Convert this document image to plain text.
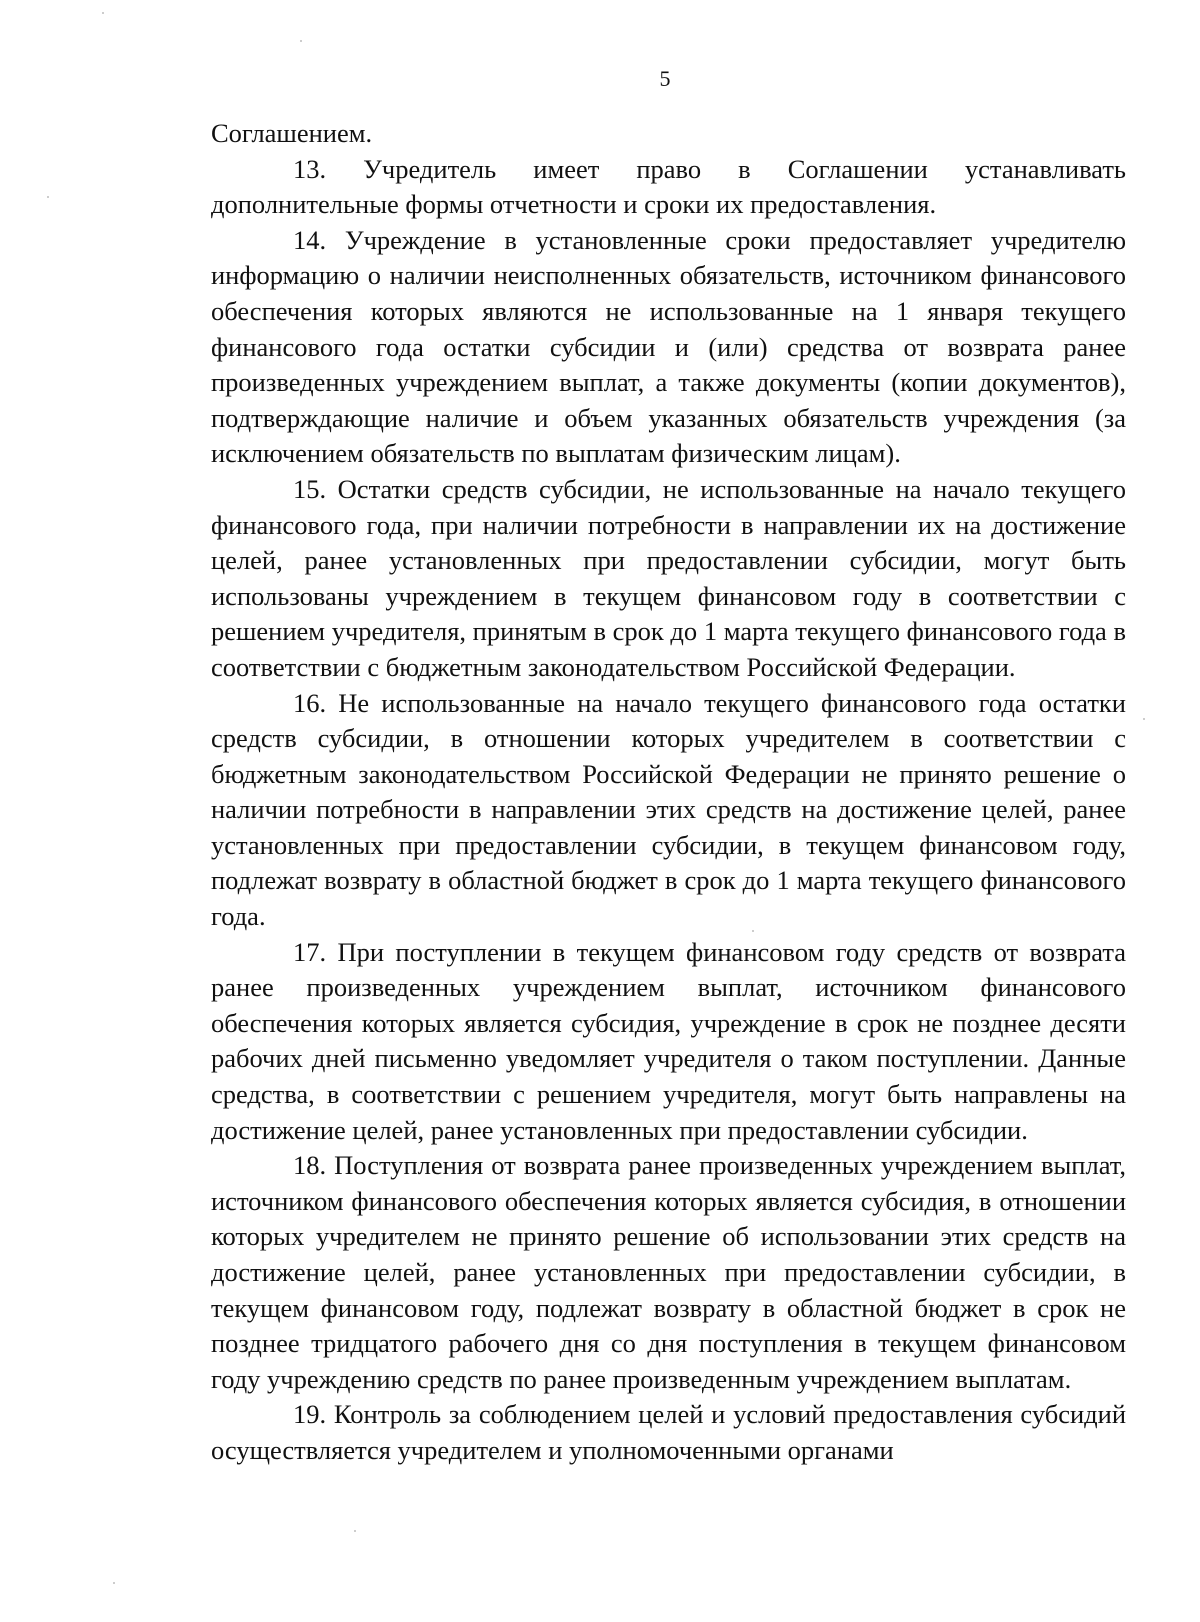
5

Соглашением.

13. Учредитель имеет право в Соглашении устанавливать дополнительные формы отчетности и сроки их предоставления.

14. Учреждение в установленные сроки предоставляет учредителю информацию о наличии неисполненных обязательств, источником финансового обеспечения которых являются не использованные на 1 января текущего финансового года остатки субсидии и (или) средства от возврата ранее произведенных учреждением выплат, а также документы (копии документов), подтверждающие наличие и объем указанных обязательств учреждения (за исключением обязательств по выплатам физическим лицам).

15. Остатки средств субсидии, не использованные на начало текущего финансового года, при наличии потребности в направлении их на достижение целей, ранее установленных при предоставлении субсидии, могут быть использованы учреждением в текущем финансовом году в соответствии с решением учредителя, принятым в срок до 1 марта текущего финансового года в соответствии с бюджетным законодательством Российской Федерации.

16. Не использованные на начало текущего финансового года остатки средств субсидии, в отношении которых учредителем в соответствии с бюджетным законодательством Российской Федерации не принято решение о наличии потребности в направлении этих средств на достижение целей, ранее установленных при предоставлении субсидии, в текущем финансовом году, подлежат возврату в областной бюджет в срок до 1 марта текущего финансового года.

17. При поступлении в текущем финансовом году средств от возврата ранее произведенных учреждением выплат, источником финансового обеспечения которых является субсидия, учреждение в срок не позднее десяти рабочих дней письменно уведомляет учредителя о таком поступлении. Данные средства, в соответствии с решением учредителя, могут быть направлены на достижение целей, ранее установленных при предоставлении субсидии.

18. Поступления от возврата ранее произведенных учреждением выплат, источником финансового обеспечения которых является субсидия, в отношении которых учредителем не принято решение об использовании этих средств на достижение целей, ранее установленных при предоставлении субсидии, в текущем финансовом году, подлежат возврату в областной бюджет в срок не позднее тридцатого рабочего дня со дня поступления в текущем финансовом году учреждению средств по ранее произведенным учреждением выплатам.

19. Контроль за соблюдением целей и условий предоставления субсидий осуществляется учредителем и уполномоченными органами
